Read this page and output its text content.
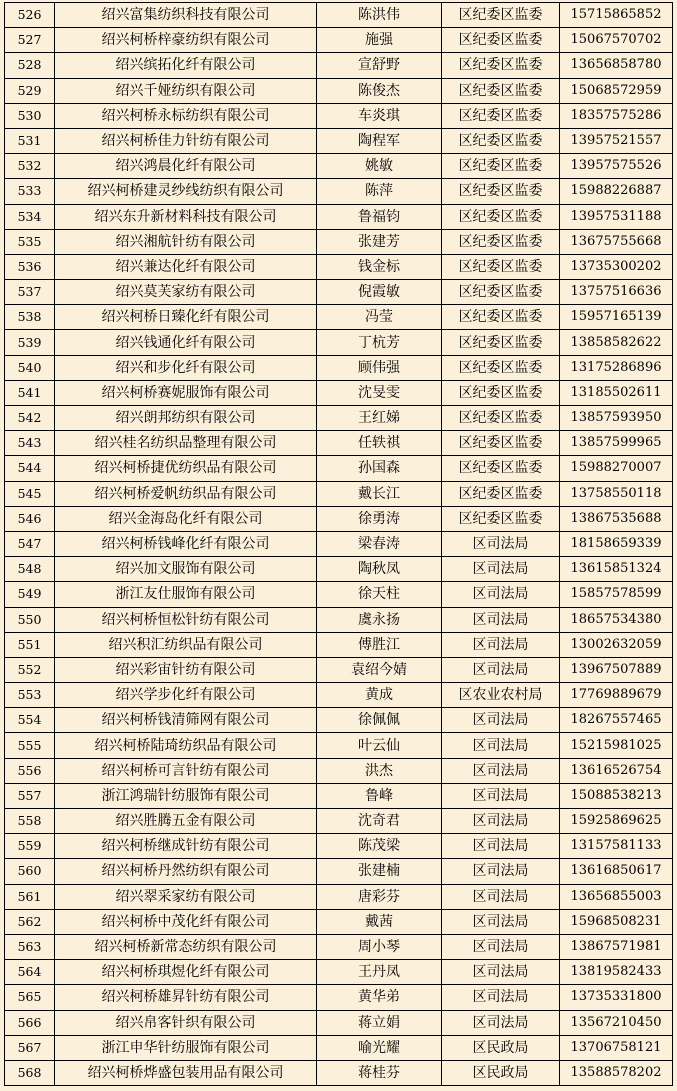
526	绍兴富集纺织科技有限公司	陈洪伟	区纪委区监委	15715865852
527	绍兴柯桥梓豪纺织有限公司	施强	区纪委区监委	15067570702
528	绍兴缤拓化纤有限公司	宣舒野	区纪委区监委	13656858780
529	绍兴千娅纺织有限公司	陈俊杰	区纪委区监委	15068572959
530	绍兴柯桥永标纺织有限公司	车炎琪	区纪委区监委	18357575286
531	绍兴柯桥佳力针纺有限公司	陶程军	区纪委区监委	13957521557
532	绍兴鸿晨化纤有限公司	姚敏	区纪委区监委	13957575526
533	绍兴柯桥建灵纱线纺织有限公司	陈萍	区纪委区监委	15988226887
534	绍兴东升新材料科技有限公司	鲁福钧	区纪委区监委	13957531188
535	绍兴湘航针纺有限公司	张建芳	区纪委区监委	13675755668
536	绍兴兼达化纤有限公司	钱金标	区纪委区监委	13735300202
537	绍兴莫芙家纺有限公司	倪霞敏	区纪委区监委	13757516636
538	绍兴柯桥日臻化纤有限公司	冯莹	区纪委区监委	15957165139
539	绍兴钱通化纤有限公司	丁杭芳	区纪委区监委	13858582622
540	绍兴和步化纤有限公司	顾伟强	区纪委区监委	13175286896
541	绍兴柯桥赛妮服饰有限公司	沈旻雯	区纪委区监委	13185502611
542	绍兴朗邦纺织有限公司	王红娣	区纪委区监委	13857593950
543	绍兴桂名纺织品整理有限公司	任轶祺	区纪委区监委	13857599965
544	绍兴柯桥捷优纺织品有限公司	孙国森	区纪委区监委	15988270007
545	绍兴柯桥爱帆纺织品有限公司	戴长江	区纪委区监委	13758550118
546	绍兴金海岛化纤有限公司	徐勇涛	区纪委区监委	13867535688
547	绍兴柯桥钱峰化纤有限公司	梁春涛	区司法局	18158659339
548	绍兴加文服饰有限公司	陶秋凤	区司法局	13615851324
549	浙江友仕服饰有限公司	徐天柱	区司法局	15857578599
550	绍兴柯桥恒松针纺有限公司	虞永扬	区司法局	18657534380
551	绍兴积汇纺织品有限公司	傅胜江	区司法局	13002632059
552	绍兴彩宙针纺有限公司	袁绍今婧	区司法局	13967507889
553	绍兴学步化纤有限公司	黄成	区农业农村局	17769889679
554	绍兴柯桥钱清筛网有限公司	徐佩佩	区司法局	18267557465
555	绍兴柯桥陆琦纺织品有限公司	叶云仙	区司法局	15215981025
556	绍兴柯桥可言针纺有限公司	洪杰	区司法局	13616526754
557	浙江鸿瑞针纺服饰有限公司	鲁峰	区司法局	15088538213
558	绍兴胜腾五金有限公司	沈奇君	区司法局	15925869625
559	绍兴柯桥继成针纺有限公司	陈茂梁	区司法局	13157581133
560	绍兴柯桥丹然纺织有限公司	张建楠	区司法局	13616850617
561	绍兴翠采家纺有限公司	唐彩芬	区司法局	13656855003
562	绍兴柯桥中茂化纤有限公司	戴茜	区司法局	15968508231
563	绍兴柯桥新常态纺织有限公司	周小琴	区司法局	13867571981
564	绍兴柯桥琪煜化纤有限公司	王丹凤	区司法局	13819582433
565	绍兴柯桥雄昇针纺有限公司	黄华弟	区司法局	13735331800
566	绍兴帛客针织有限公司	蒋立娟	区司法局	13567210450
567	浙江申华针纺服饰有限公司	喻光耀	区民政局	13706758121
568	绍兴柯桥烨盛包装用品有限公司	蒋桂芬	区民政局	13588578202
